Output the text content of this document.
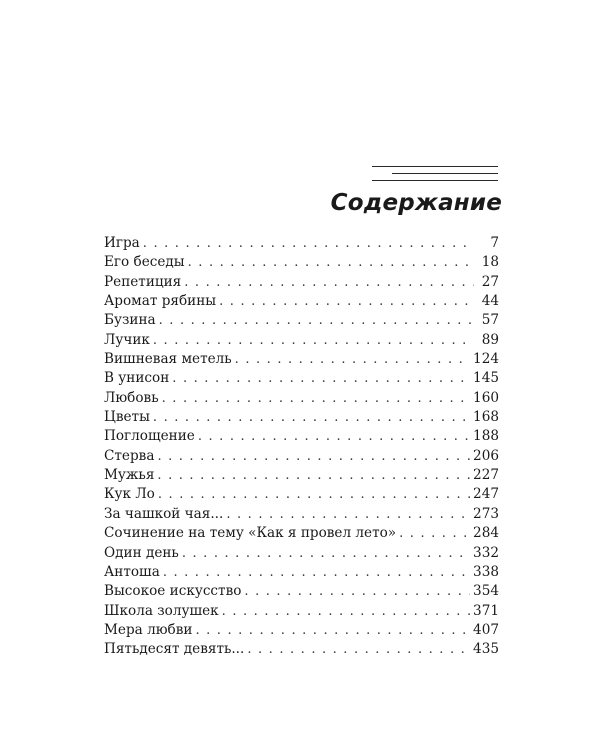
Содержание
Игра . . .	7
Его беседы . . .	18
Репетиция . . .	27
Аромат рябины . . .	44
Бузина . . .	57
Лучик . . .	89
Вишневая метель . . .	124
В унисон . . .	145
Любовь . . .	160
Цветы . . .	168
Поглощение . . .	188
Стерва . . .	206
Мужья . . .	227
Кук Ло . . .	247
За чашкой чая... . . .	273
Сочинение на тему «Как я провел лето» . . .	284
Один день . . .	332
Антоша . . .	338
Высокое искусство . . .	354
Школа золушек . . .	371
Мера любви . . .	407
Пятьдесят девять... . . .	435
